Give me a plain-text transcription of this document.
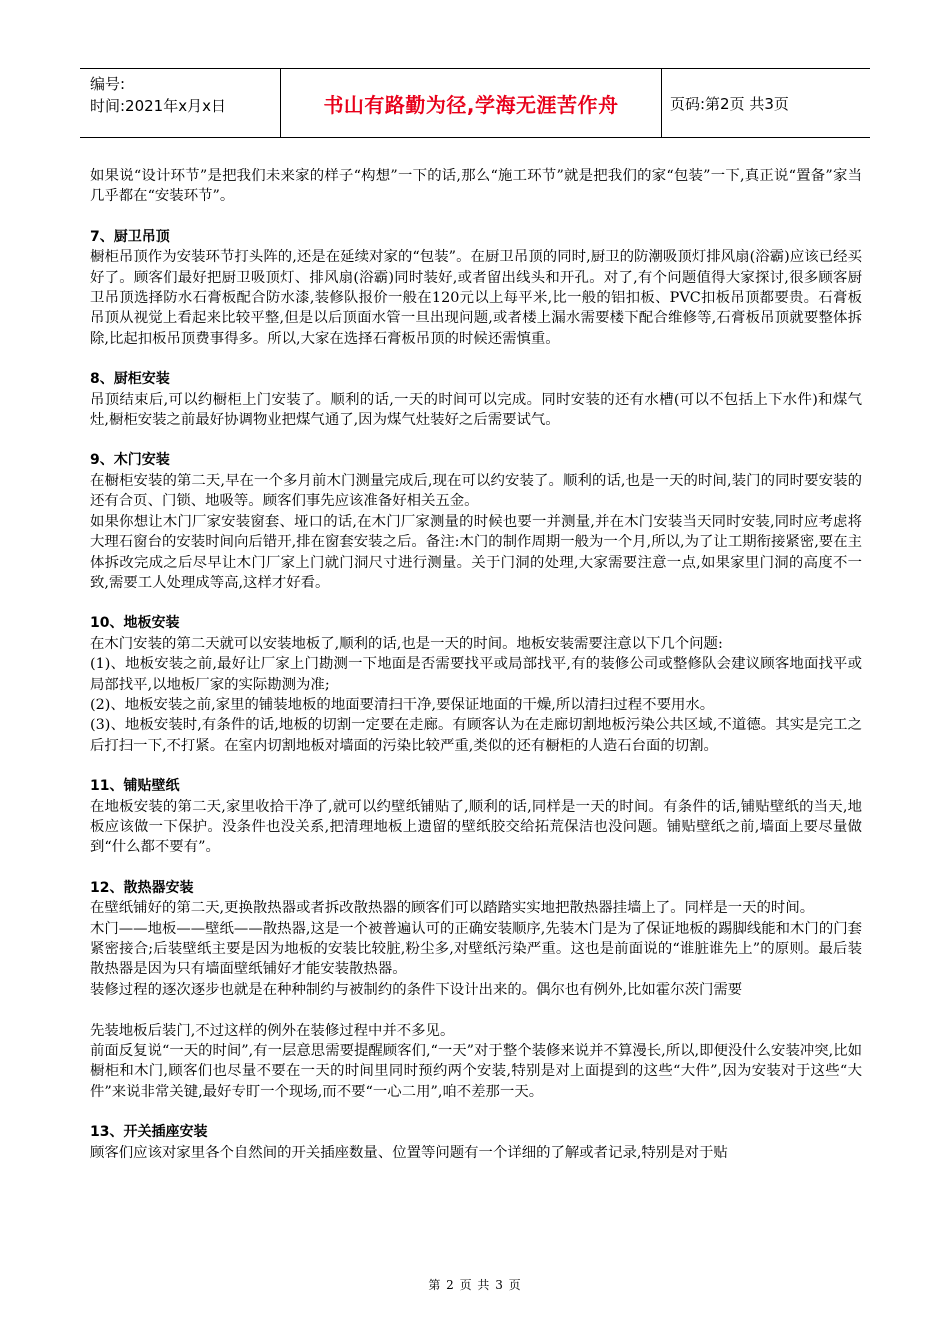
编号:
时间:2021年x月x日	书山有路勤为径,学海无涯苦作舟	页码:第2页 共3页

如果说“设计环节”是把我们未来家的样子“构想”一下的话,那么“施工环节”就是把我们的家“包装”一下,真正说“置备”家当几乎都在“安装环节”。

7、厨卫吊顶

橱柜吊顶作为安装环节打头阵的,还是在延续对家的“包装”。在厨卫吊顶的同时,厨卫的防潮吸顶灯排风扇(浴霸)应该已经买好了。顾客们最好把厨卫吸顶灯、排风扇(浴霸)同时装好,或者留出线头和开孔。对了,有个问题值得大家探讨,很多顾客厨卫吊顶选择防水石膏板配合防水漆,装修队报价一般在120元以上每平米,比一般的铝扣板、PVC扣板吊顶都要贵。石膏板吊顶从视觉上看起来比较平整,但是以后顶面水管一旦出现问题,或者楼上漏水需要楼下配合维修等,石膏板吊顶就要整体拆除,比起扣板吊顶费事得多。所以,大家在选择石膏板吊顶的时候还需慎重。

8、厨柜安装

吊顶结束后,可以约橱柜上门安装了。顺利的话,一天的时间可以完成。同时安装的还有水槽(可以不包括上下水件)和煤气灶,橱柜安装之前最好协调物业把煤气通了,因为煤气灶装好之后需要试气。

9、木门安装

在橱柜安装的第二天,早在一个多月前木门测量完成后,现在可以约安装了。顺利的话,也是一天的时间,装门的同时要安装的还有合页、门锁、地吸等。顾客们事先应该准备好相关五金。

如果你想让木门厂家安装窗套、垭口的话,在木门厂家测量的时候也要一并测量,并在木门安装当天同时安装,同时应考虑将大理石窗台的安装时间向后错开,排在窗套安装之后。备注:木门的制作周期一般为一个月,所以,为了让工期衔接紧密,要在主体拆改完成之后尽早让木门厂家上门就门洞尺寸进行测量。关于门洞的处理,大家需要注意一点,如果家里门洞的高度不一致,需要工人处理成等高,这样才好看。

10、地板安装

在木门安装的第二天就可以安装地板了,顺利的话,也是一天的时间。地板安装需要注意以下几个问题:

(1)、地板安装之前,最好让厂家上门勘测一下地面是否需要找平或局部找平,有的装修公司或整修队会建议顾客地面找平或局部找平,以地板厂家的实际勘测为准;

(2)、地板安装之前,家里的铺装地板的地面要清扫干净,要保证地面的干燥,所以清扫过程不要用水。

(3)、地板安装时,有条件的话,地板的切割一定要在走廊。有顾客认为在走廊切割地板污染公共区域,不道德。其实是完工之后打扫一下,不打紧。在室内切割地板对墙面的污染比较严重,类似的还有橱柜的人造石台面的切割。

11、铺贴壁纸

在地板安装的第二天,家里收拾干净了,就可以约壁纸铺贴了,顺利的话,同样是一天的时间。有条件的话,铺贴壁纸的当天,地板应该做一下保护。没条件也没关系,把清理地板上遗留的壁纸胶交给拓荒保洁也没问题。铺贴壁纸之前,墙面上要尽量做到“什么都不要有”。

12、散热器安装

在壁纸铺好的第二天,更换散热器或者拆改散热器的顾客们可以踏踏实实地把散热器挂墙上了。同样是一天的时间。

木门——地板——壁纸——散热器,这是一个被普遍认可的正确安装顺序,先装木门是为了保证地板的踢脚线能和木门的门套紧密接合;后装壁纸主要是因为地板的安装比较脏,粉尘多,对壁纸污染严重。这也是前面说的“谁脏谁先上”的原则。最后装散热器是因为只有墙面壁纸铺好才能安装散热器。

装修过程的逐次逐步也就是在种种制约与被制约的条件下设计出来的。偶尔也有例外,比如霍尔茨门需要

先装地板后装门,不过这样的例外在装修过程中并不多见。

前面反复说“一天的时间”,有一层意思需要提醒顾客们,“一天”对于整个装修来说并不算漫长,所以,即便没什么安装冲突,比如橱柜和木门,顾客们也尽量不要在一天的时间里同时预约两个安装,特别是对上面提到的这些“大件”,因为安装对于这些“大件”来说非常关键,最好专盯一个现场,而不要“一心二用”,咱不差那一天。

13、开关插座安装

顾客们应该对家里各个自然间的开关插座数量、位置等问题有一个详细的了解或者记录,特别是对于贴

第 2 页 共 3 页
